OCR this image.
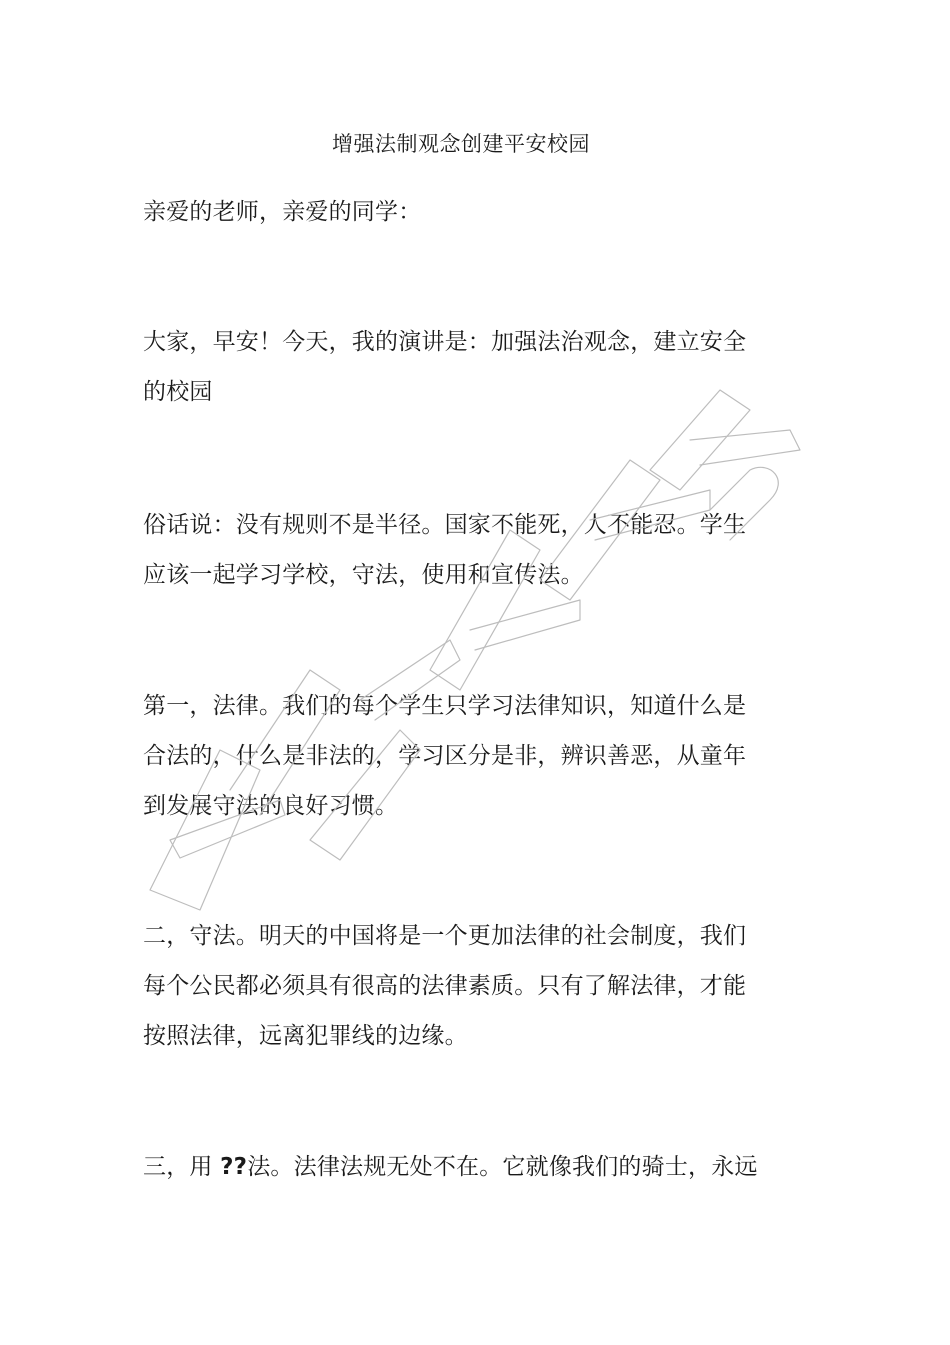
增强法制观念创建平安校园
亲爱的老师，亲爱的同学：
大家，早安！今天，我的演讲是：加强法治观念，建立安全
的校园
俗话说：没有规则不是半径。国家不能死，人不能忍。学生
应该一起学习学校，守法，使用和宣传法。
第一，法律。我们的每个学生只学习法律知识，知道什么是
合法的，什么是非法的，学习区分是非，辨识善恶，从童年
到发展守法的良好习惯。
二，守法。明天的中国将是一个更加法律的社会制度，我们
每个公民都必须具有很高的法律素质。只有了解法律，才能
按照法律，远离犯罪线的边缘。
三，用 ??法。法律法规无处不在。它就像我们的骑士，永远
